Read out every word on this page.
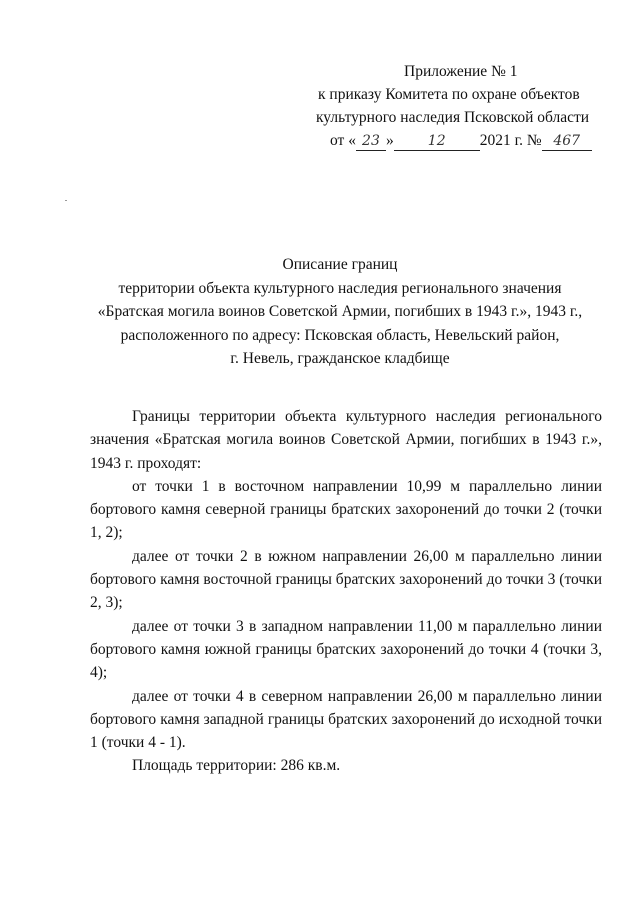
Приложение № 1
к приказу Комитета по охране объектов
культурного наследия Псковской области
от « 23 » 12 2021 г. № 467
Описание границ
территории объекта культурного наследия регионального значения
«Братская могила воинов Советской Армии, погибших в 1943 г.», 1943 г.,
расположенного по адресу: Псковская область, Невельский район,
г. Невель, гражданское кладбище

Границы территории объекта культурного наследия регионального значения «Братская могила воинов Советской Армии, погибших в 1943 г.», 1943 г. проходят:

от точки 1 в восточном направлении 10,99 м параллельно линии бортового камня северной границы братских захоронений до точки 2 (точки 1, 2);

далее от точки 2 в южном направлении 26,00 м параллельно линии бортового камня восточной границы братских захоронений до точки 3 (точки 2, 3);

далее от точки 3 в западном направлении 11,00 м параллельно линии бортового камня южной границы братских захоронений до точки 4 (точки 3, 4);

далее от точки 4 в северном направлении 26,00 м параллельно линии бортового камня западной границы братских захоронений до исходной точки 1 (точки 4 - 1).

Площадь территории: 286 кв.м.
